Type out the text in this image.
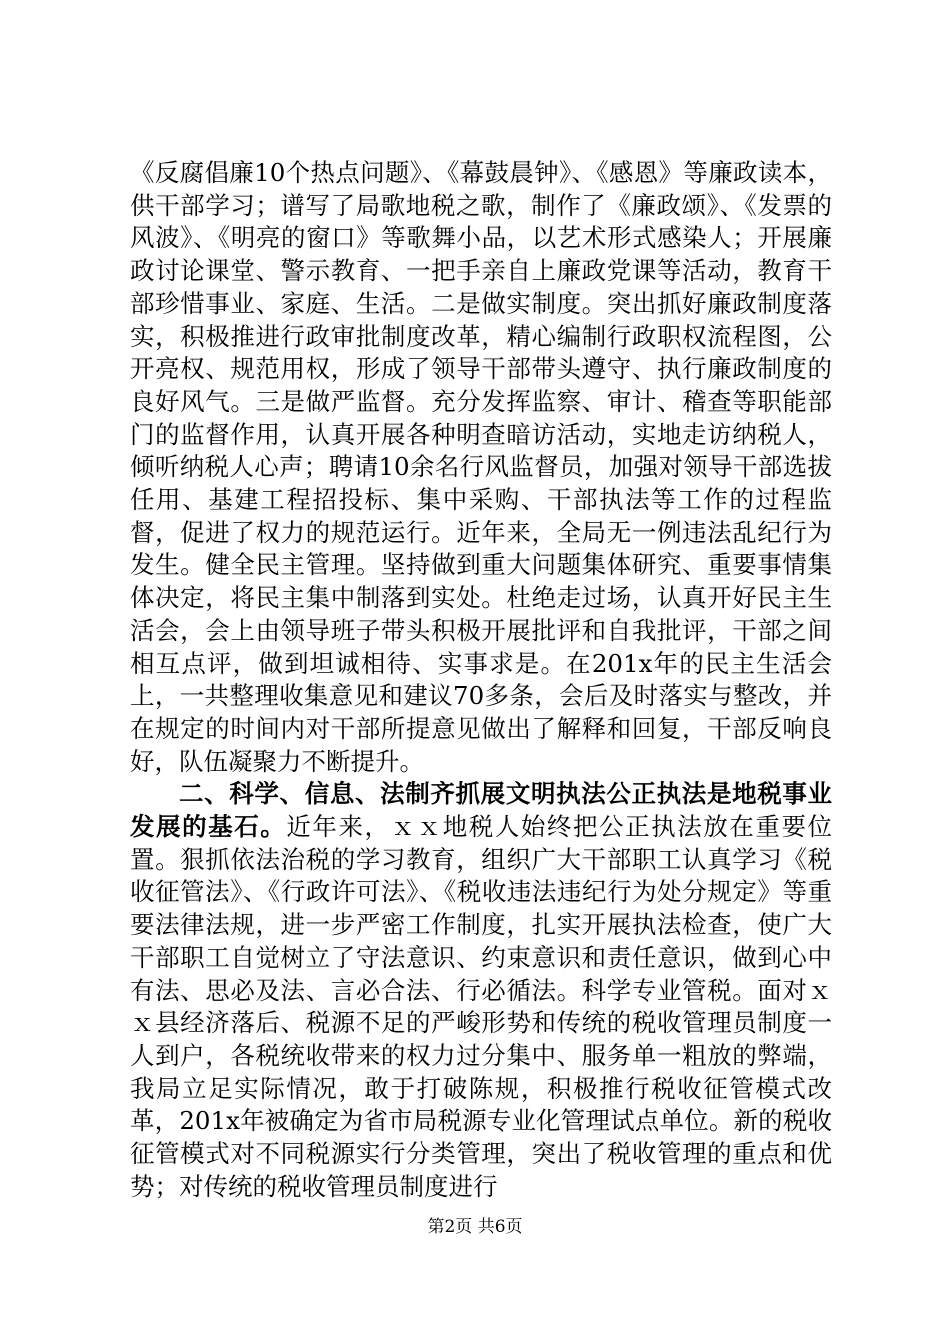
《反腐倡廉10个热点问题》、《幕鼓晨钟》、《感恩》等廉政读本，供干部学习；谱写了局歌地税之歌，制作了《廉政颂》、《发票的风波》、《明亮的窗口》等歌舞小品，以艺术形式感染人；开展廉政讨论课堂、警示教育、一把手亲自上廉政党课等活动，教育干部珍惜事业、家庭、生活。二是做实制度。突出抓好廉政制度落实，积极推进行政审批制度改革，精心编制行政职权流程图，公开亮权、规范用权，形成了领导干部带头遵守、执行廉政制度的良好风气。三是做严监督。充分发挥监察、审计、稽查等职能部门的监督作用，认真开展各种明查暗访活动，实地走访纳税人，倾听纳税人心声；聘请10余名行风监督员，加强对领导干部选拔任用、基建工程招投标、集中采购、干部执法等工作的过程监督，促进了权力的规范运行。近年来，全局无一例违法乱纪行为发生。健全民主管理。坚持做到重大问题集体研究、重要事情集体决定，将民主集中制落到实处。杜绝走过场，认真开好民主生活会，会上由领导班子带头积极开展批评和自我批评，干部之间相互点评，做到坦诚相待、实事求是。在201x年的民主生活会上，一共整理收集意见和建议70多条，会后及时落实与整改，并在规定的时间内对干部所提意见做出了解释和回复，干部反响良好，队伍凝聚力不断提升。

二、科学、信息、法制齐抓展文明执法公正执法是地税事业发展的基石。近年来，ｘｘ地税人始终把公正执法放在重要位置。狠抓依法治税的学习教育，组织广大干部职工认真学习《税收征管法》、《行政许可法》、《税收违法违纪行为处分规定》等重要法律法规，进一步严密工作制度，扎实开展执法检查，使广大干部职工自觉树立了守法意识、约束意识和责任意识，做到心中有法、思必及法、言必合法、行必循法。科学专业管税。面对ｘｘ县经济落后、税源不足的严峻形势和传统的税收管理员制度一人到户，各税统收带来的权力过分集中、服务单一粗放的弊端，我局立足实际情况，敢于打破陈规，积极推行税收征管模式改革，201x年被确定为省市局税源专业化管理试点单位。新的税收征管模式对不同税源实行分类管理，突出了税收管理的重点和优势；对传统的税收管理员制度进行

第2页 共6页
